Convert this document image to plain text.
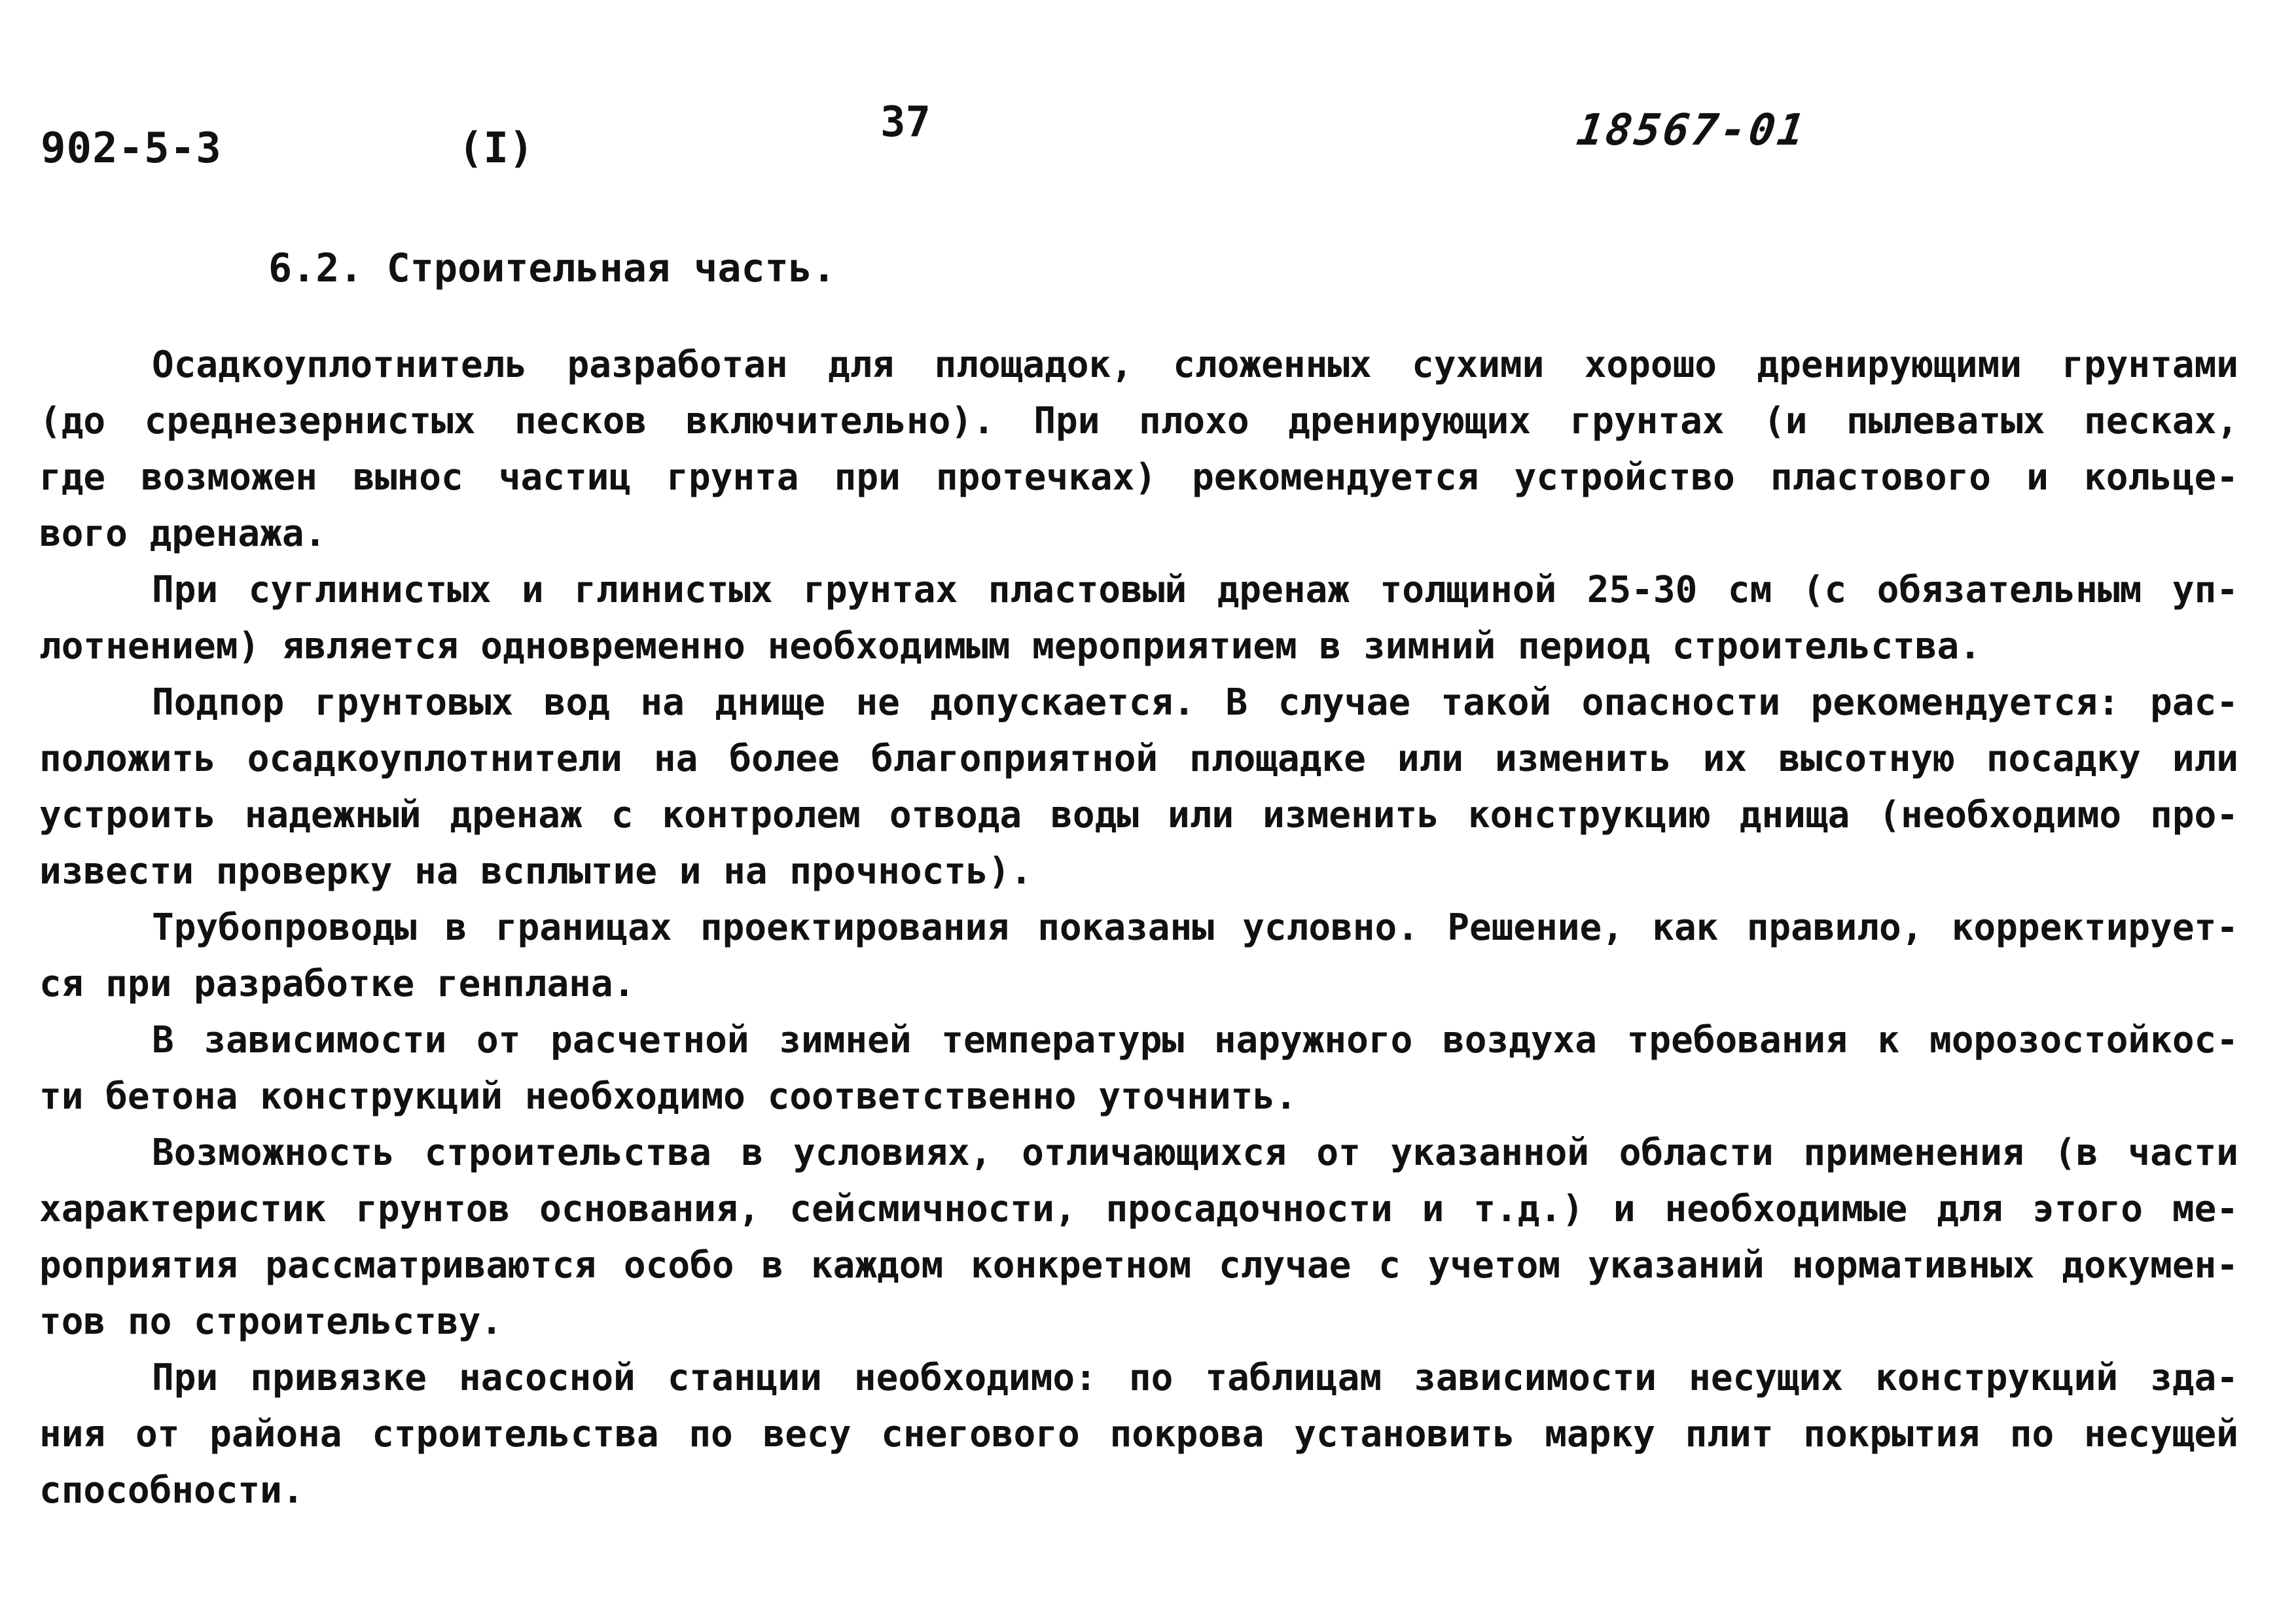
902-5-3	(I)
37	18567-01
6.2. Строительная часть.
Осадкоуплотнитель разработан для площадок, сложенных сухими хорошо дренирующими грунтами
(до среднезернистых песков включительно). При плохо дренирующих грунтах (и пылеватых песках,
где возможен вынос частиц грунта при протечках) рекомендуется устройство пластового и кольце-
вого дренажа.
При суглинистых и глинистых грунтах пластовый дренаж толщиной 25-30 см (с обязательным уп-
лотнением) является одновременно необходимым мероприятием в зимний период строительства.
Подпор грунтовых вод на днище не допускается. В случае такой опасности рекомендуется: рас-
положить осадкоуплотнители на более благоприятной площадке или изменить их высотную посадку или
устроить надежный дренаж с контролем отвода воды или изменить конструкцию днища (необходимо про-
извести проверку на всплытие и на прочность).
Трубопроводы в границах проектирования показаны условно. Решение, как правило, корректирует-
ся при разработке генплана.
В зависимости от расчетной зимней температуры наружного воздуха требования к морозостойкос-
ти бетона конструкций необходимо соответственно уточнить.
Возможность строительства в условиях, отличающихся от указанной области применения (в части
характеристик грунтов основания, сейсмичности, просадочности и т.д.) и необходимые для этого ме-
роприятия рассматриваются особо в каждом конкретном случае с учетом указаний нормативных докумен-
тов по строительству.
При привязке насосной станции необходимо: по таблицам зависимости несущих конструкций зда-
ния от района строительства по весу снегового покрова установить марку плит покрытия по несущей
способности.
